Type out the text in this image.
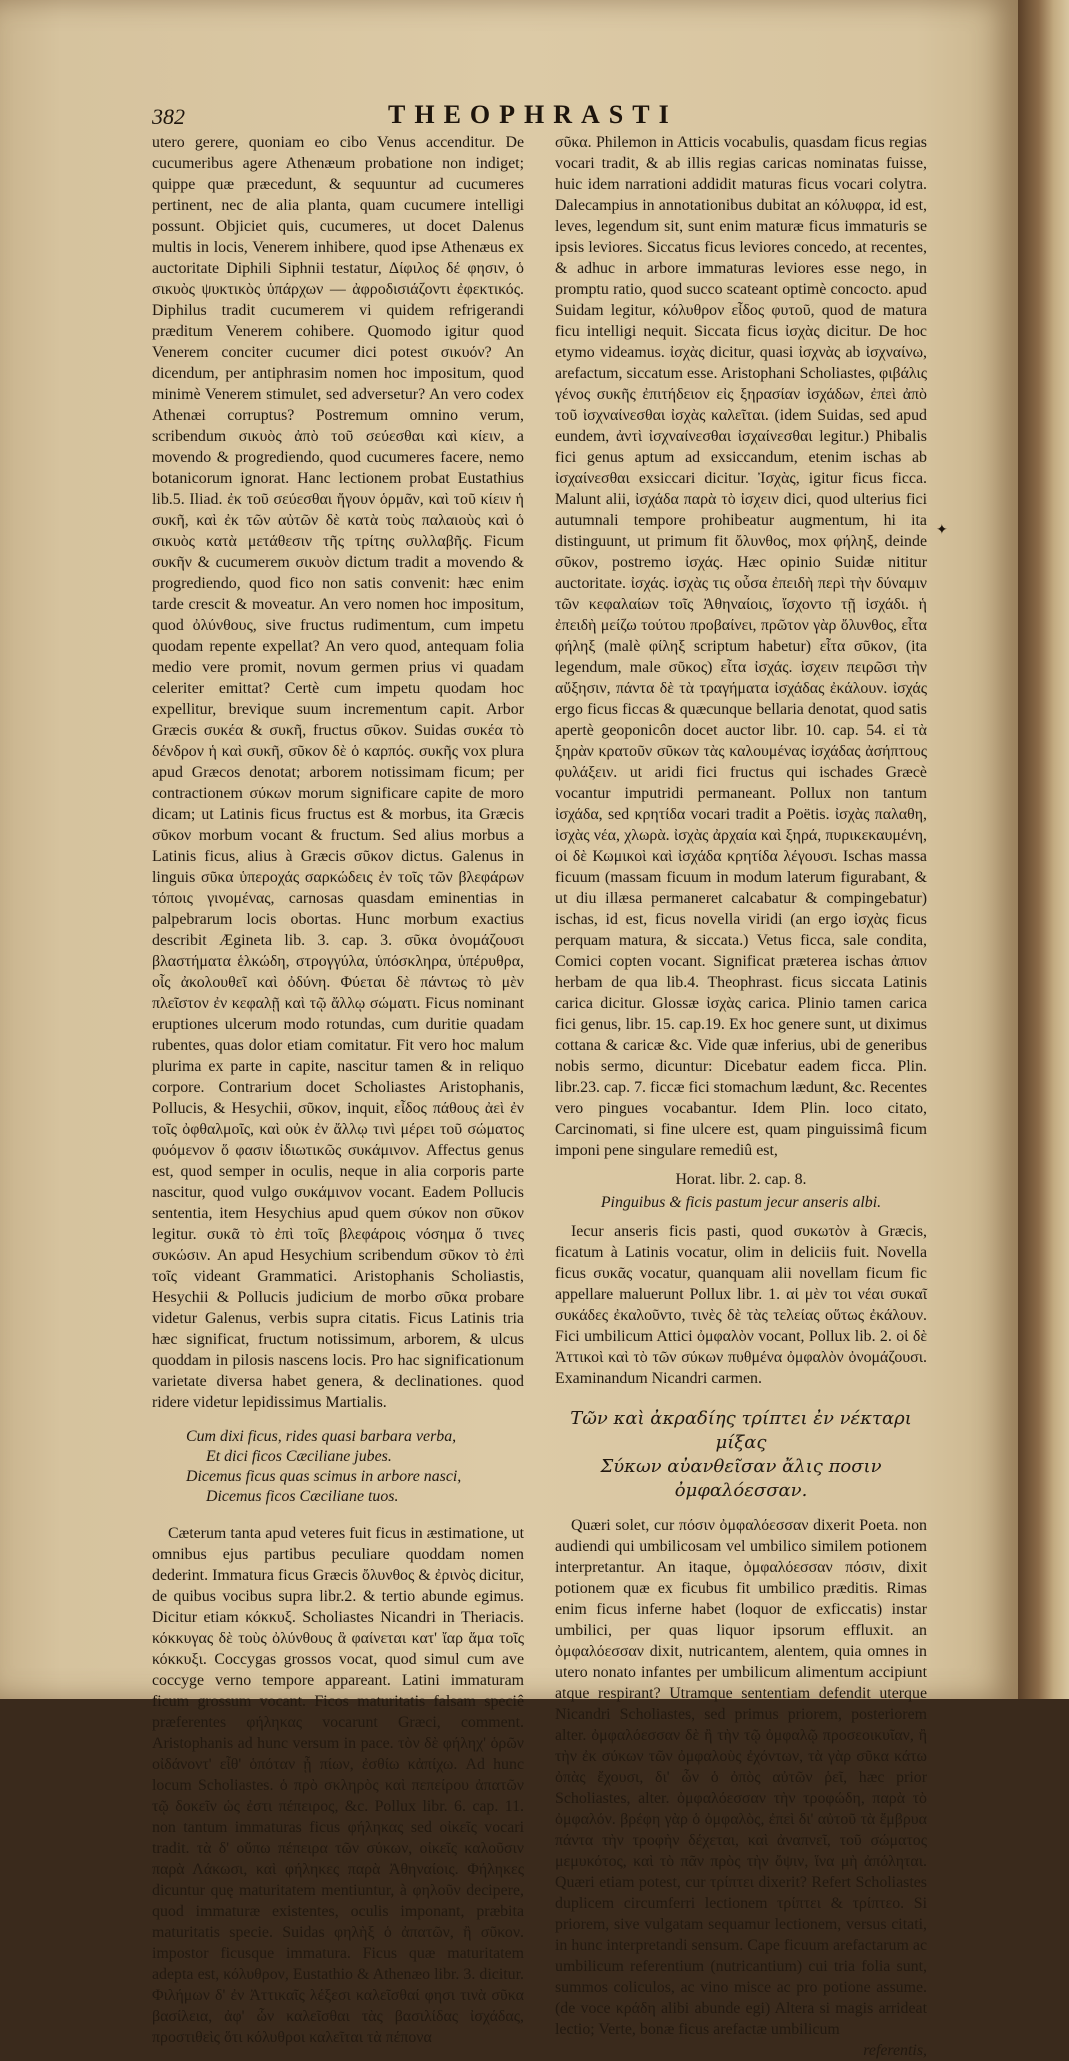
382	THEOPHRASTI

utero gerere, quoniam eo cibo Venus accenditur. De cucumeribus agere Athenæum probatione non indiget; quippe quæ præcedunt, & sequuntur ad cucumeres pertinent, nec de alia planta, quam cucumere intelligi possunt. Objiciet quis, cucumeres, ut docet Dalenus multis in locis, Venerem inhibere, quod ipse Athenæus ex auctoritate Diphili Siphnii testatur, Δίφιλος δέ φησιν, ὁ σικυὸς ψυκτικὸς ὑπάρχων — ἀφροδισιάζοντι ἐφεκτικός. Diphilus tradit cucumerem vi quidem refrigerandi præditum Venerem cohibere. Quomodo igitur quod Venerem conciter cucumer dici potest σικυόν? An dicendum, per antiphrasim nomen hoc impositum, quod minimè Venerem stimulet, sed adversetur? An vero codex Athenæi corruptus? Postremum omnino verum, scribendum σικυὸς ἀπὸ τοῦ σεύεσθαι καὶ κίειν, a movendo & progrediendo, quod cucumeres facere, nemo botanicorum ignorat. Hanc lectionem probat Eustathius lib.5. Iliad. ἐκ τοῦ σεύεσθαι ἤγουν ὁρμᾶν, καὶ τοῦ κίειν ἡ συκῆ, καὶ ἐκ τῶν αὐτῶν δὲ κατὰ τοὺς παλαιοὺς καὶ ὁ σικυὸς κατὰ μετάθεσιν τῆς τρίτης συλλαβῆς. Ficum συκῆν & cucumerem σικυὸν dictum tradit a movendo & progrediendo, quod fico non satis convenit: hæc enim tarde crescit & moveatur. An vero nomen hoc impositum, quod ὀλύνθους, sive fructus rudimentum, cum impetu quodam repente expellat? An vero quod, antequam folia medio vere promit, novum germen prius vi quadam celeriter emittat? Certè cum impetu quodam hoc expellitur, brevique suum incrementum capit. Arbor Græcis συκέα & συκῆ, fructus σῦκον. Suidas συκέα τὸ δένδρον ἡ καὶ συκῆ, σῦκον δὲ ὁ καρπός. συκῆς vox plura apud Græcos denotat; arborem notissimam ficum; per contractionem σύκων morum significare capite de moro dicam; ut Latinis ficus fructus est & morbus, ita Græcis σῦκον morbum vocant & fructum. Sed alius morbus a Latinis ficus, alius à Græcis σῦκον dictus. Galenus in linguis σῦκα ὑπεροχάς σαρκώδεις ἐν τοῖς τῶν βλεφάρων τόποις γινομένας, carnosas quasdam eminentias in palpebrarum locis obortas. Hunc morbum exactius describit Ægineta lib. 3. cap. 3. σῦκα ὀνομάζουσι βλαστήματα ἑλκώδη, στρογγύλα, ὑπόσκληρα, ὑπέρυθρα, οἷς ἀκολουθεῖ καὶ ὀδύνη. Φύεται δὲ πάντως τὸ μὲν πλεῖστον ἐν κεφαλῇ καὶ τῷ ἄλλῳ σώματι. Ficus nominant eruptiones ulcerum modo rotundas, cum duritie quadam rubentes, quas dolor etiam comitatur. Fit vero hoc malum plurima ex parte in capite, nascitur tamen & in reliquo corpore. Contrarium docet Scholiastes Aristophanis, Pollucis, & Hesychii, σῦκον, inquit, εἶδος πάθους ἀεὶ ἐν τοῖς ὀφθαλμοῖς, καὶ οὐκ ἐν ἄλλῳ τινὶ μέρει τοῦ σώματος φυόμενον ὅ φασιν ἰδιωτικῶς συκάμινον. Affectus genus est, quod semper in oculis, neque in alia corporis parte nascitur, quod vulgo συκάμινον vocant. Eadem Pollucis sententia, item Hesychius apud quem σύκον non σῦκον legitur. συκᾶ τὸ ἐπὶ τοῖς βλεφάροις νόσημα ὅ τινες συκώσιν. An apud Hesychium scribendum σῦκον τὸ ἐπὶ τοῖς videant Grammatici. Aristophanis Scholiastis, Hesychii & Pollucis judicium de morbo σῦκα probare videtur Galenus, verbis supra citatis. Ficus Latinis tria hæc significat, fructum notissimum, arborem, & ulcus quoddam in pilosis nascens locis. Pro hac significationum varietate diversa habet genera, & declinationes. quod ridere videtur lepidissimus Martialis.

Cum dixi ficus, rides quasi barbara verba,
Et dici ficos Cæciliane jubes.
Dicemus ficus quas scimus in arbore nasci,
Dicemus ficos Cæciliane tuos.

Cæterum tanta apud veteres fuit ficus in æstimatione, ut omnibus ejus partibus peculiare quoddam nomen dederint. Immatura ficus Græcis ὄλυνθος & ἐρινὸς dicitur, de quibus vocibus supra libr.2. & tertio abunde egimus. Dicitur etiam κόκκυξ. Scholiastes Nicandri in Theriacis. κόκκυγας δὲ τοὺς ὀλύνθους ἃ φαίνεται κατ' ἴαρ ἅμα τοῖς κόκκυξι. Coccygas grossos vocat, quod simul cum ave coccyge verno tempore appareant. Latini immaturam ficum grossum vocant. Ficos maturitatis falsam speciê præferentes φήληκας vocarunt Græci, comment. Aristophanis ad hunc versum in pace. τὸν δὲ φήληχ' ὁρῶν οἰδάνοντ' εἶθ' ὁπόταν ᾖ πίων, ἐσθίω κἀπίχω. Ad hunc locum Scholiastes. ὁ πρὸ σκληρὸς καὶ πεπείρου ἀπατῶν τῷ δοκεῖν ὡς ἐστι πέπειρος, &c. Pollux libr. 6. cap. 11. non tantum immaturas ficus φήληκας sed οἰκεῖς vocari tradit. τὰ δ' οὔπω πέπειρα τῶν σύκων, οἰκεῖς καλοῦσιν παρὰ Λάκωσι, καὶ φήληκες παρὰ Ἀθηναίοις. Φήληκες dicuntur quę maturitatem mentiuntur, à φηλοῦν decipere, quod immaturæ existentes, oculis imponant, præbita maturitatis specie. Suidas φηλὴξ ὁ ἀπατῶν, ἢ σῦκον. impostor ficusque immatura. Ficus quæ maturitatem adepta est, κόλυθρον, Eustathio & Athenæo libr. 3. dicitur. Φιλήμων δ' ἐν Ἀττικαῖς λέξεσι καλεῖσθαί φησι τινὰ σῦκα βασίλεια, ἀφ' ὧν καλεῖσθαι τὰς βασιλίδας ἰσχάδας, προστιθεὶς ὅτι κόλυθροι καλεῖται τὰ πέπονα

σῦκα. Philemon in Atticis vocabulis, quasdam ficus regias vocari tradit, & ab illis regias caricas nominatas fuisse, huic idem narrationi addidit maturas ficus vocari colytra. Dalecampius in annotationibus dubitat an κόλυφρα, id est, leves, legendum sit, sunt enim maturæ ficus immaturis se ipsis leviores. Siccatus ficus leviores concedo, at recentes, & adhuc in arbore immaturas leviores esse nego, in promptu ratio, quod succo scateant optimè concocto. apud Suidam legitur, κόλυθρον εἶδος φυτοῦ, quod de matura ficu intelligi nequit. Siccata ficus ἰσχὰς dicitur. De hoc etymo videamus. ἰσχὰς dicitur, quasi ἰσχνὰς ab ἰσχναίνω, arefactum, siccatum esse. Aristophani Scholiastes, φιβάλις γένος συκῆς ἐπιτήδειον εἰς ξηρασίαν ἰσχάδων, ἐπεὶ ἀπὸ τοῦ ἰσχναίνεσθαι ἰσχὰς καλεῖται. (idem Suidas, sed apud eundem, ἀντὶ ἰσχναίνεσθαι ἰσχαίνεσθαι legitur.) Phibalis fici genus aptum ad exsiccandum, etenim ischas ab ἰσχαίνεσθαι exsiccari dicitur. Ἰσχὰς, igitur ficus ficca. Malunt alii, ἰσχάδα παρὰ τὸ ἰσχειν dici, quod ulterius fici autumnali tempore prohibeatur augmentum, hi ita distinguunt, ut primum fit ὄλυνθος, mox φήληξ, deinde σῦκον, postremo ἰσχάς. Hæc opinio Suidæ nititur auctoritate. ἰσχάς. ἰσχὰς τις οὖσα ἐπειδὴ περὶ τὴν δύναμιν τῶν κεφαλαίων τοῖς Ἀθηναίοις, ἴσχοντο τῇ ἰσχάδι. ἡ ἐπειδὴ μείζω τούτου προβαίνει, πρῶτον γὰρ ὄλυνθος, εἶτα φήληξ (malè φίληξ scriptum habetur) εἶτα σῦκον, (ita legendum, male σῦκος) εἶτα ἰσχάς. ἰσχειν πειρῶσι τὴν αὔξησιν, πάντα δὲ τὰ τραγήματα ἰσχάδας ἐκάλουν. ἰσχάς ergo ficus ficcas & quæcunque bellaria denotat, quod satis apertè geoponicôn docet auctor libr. 10. cap. 54. εἰ τὰ ξηρὰν κρατοῦν σῦκων τὰς καλουμένας ἰσχάδας ἀσήπτους φυλάξειν. ut aridi fici fructus qui ischades Græcè vocantur imputridi permaneant. Pollux non tantum ἰσχάδα, sed κρητίδα vocari tradit a Poëtis. ἰσχὰς παλαθη, ἰσχὰς νέα, χλωρὰ. ἰσχὰς ἀρχαία καὶ ξηρά, πυρικεκαυμένη, οἱ δὲ Κωμικοὶ καὶ ἰσχάδα κρητίδα λέγουσι. Ischas massa ficuum (massam ficuum in modum laterum figurabant, & ut diu illæsa permaneret calcabatur & compingebatur) ischas, id est, ficus novella viridi (an ergo ἰσχὰς ficus perquam matura, & siccata.) Vetus ficca, sale condita, Comici copten vocant. Significat præterea ischas ἀπιον herbam de qua lib.4. Theophrast. ficus siccata Latinis carica dicitur. Glossæ ἰσχὰς carica. Plinio tamen carica fici genus, libr. 15. cap.19. Ex hoc genere sunt, ut diximus cottana & caricæ &c. Vide quæ inferius, ubi de generibus nobis sermo, dicuntur: Dicebatur eadem ficca. Plin. libr.23. cap. 7. ficcæ fici stomachum lædunt, &c. Recentes vero pingues vocabantur. Idem Plin. loco citato, Carcinomati, si fine ulcere est, quam pinguissimâ ficum imponi pene singulare remediû est,

Horat. libr. 2. cap. 8.
Pinguibus & ficis pastum jecur anseris albi.

Iecur anseris ficis pasti, quod συκωτὸν à Græcis, ficatum à Latinis vocatur, olim in deliciis fuit. Novella ficus συκᾶς vocatur, quanquam alii novellam ficum fic appellare maluerunt Pollux libr. 1. αἱ μὲν τοι νέαι συκαῖ συκάδες ἐκαλοῦντο, τινὲς δὲ τὰς τελείας οὕτως ἐκάλουν. Fici umbilicum Attici ὀμφαλὸν vocant, Pollux lib. 2. οἱ δὲ Ἀττικοὶ καὶ τὸ τῶν σύκων πυθμένα ὀμφαλὸν ὀνομάζουσι. Examinandum Nicandri carmen.

Τῶν καὶ ἀκραδίης τρίπτει ἐν νέκταρι μίξας
Σύκων αὐανθεῖσαν ἄλις ποσιν ὀμφαλόεσσαν.

Quæri solet, cur πόσιν ὀμφαλόεσσαν dixerit Poeta. non audiendi qui umbilicosam vel umbilico similem potionem interpretantur. An itaque, ὀμφαλόεσσαν πόσιν, dixit potionem quæ ex ficubus fit umbilico præditis. Rimas enim ficus inferne habet (loquor de exficcatis) instar umbilici, per quas liquor ipsorum effluxit. an ὀμφαλόεσσαν dixit, nutricantem, alentem, quia omnes in utero nonato infantes per umbilicum alimentum accipiunt atque respirant? Utramque sententiam defendit uterque Nicandri Scholiastes, sed primus priorem, posteriorem alter. ὀμφαλόεσσαν δὲ ἢ τὴν τῷ ὀμφαλῷ προσεοικυῖαν, ἢ τὴν ἐκ σύκων τῶν ὀμφαλοὺς ἐχόντων, τὰ γὰρ σῦκα κάτω ὀπὰς ἔχουσι, δι' ὧν ὁ ὀπὸς αὐτῶν ῥεῖ, hæc prior Scholiastes, alter. ὀμφαλόεσσαν τὴν τροφώδη, παρὰ τὸ ὀμφαλόν. βρέφη γὰρ ὁ ὀμφαλὸς, ἐπεὶ δι' αὐτοῦ τὰ ἔμβρυα πάντα τὴν τροφὴν δέχεται, καὶ ἀναπνεῖ, τοῦ σώματος μεμυκότος, καὶ τὸ πᾶν πρὸς τὴν ὄψιν, ἵνα μὴ ἀπόληται. Quæri etiam potest, cur τρίπτει dixerit? Refert Scholiastes duplicem circumferri lectionem τρίπτει & τρίπτεο. Si priorem, sive vulgatam sequamur lectionem, versus citati, in hunc interpretandi sensum. Cape ficuum arefactarum ac umbilicum referentium (nutricantium) cui tria folia sunt, summos coliculos, ac vino misce ac pro potione assume. (de voce κράδη alibi abunde egi) Altera si magis arrideat lectio; Verte, bonæ ficus arefactæ umbilicum

referentis,
✦
